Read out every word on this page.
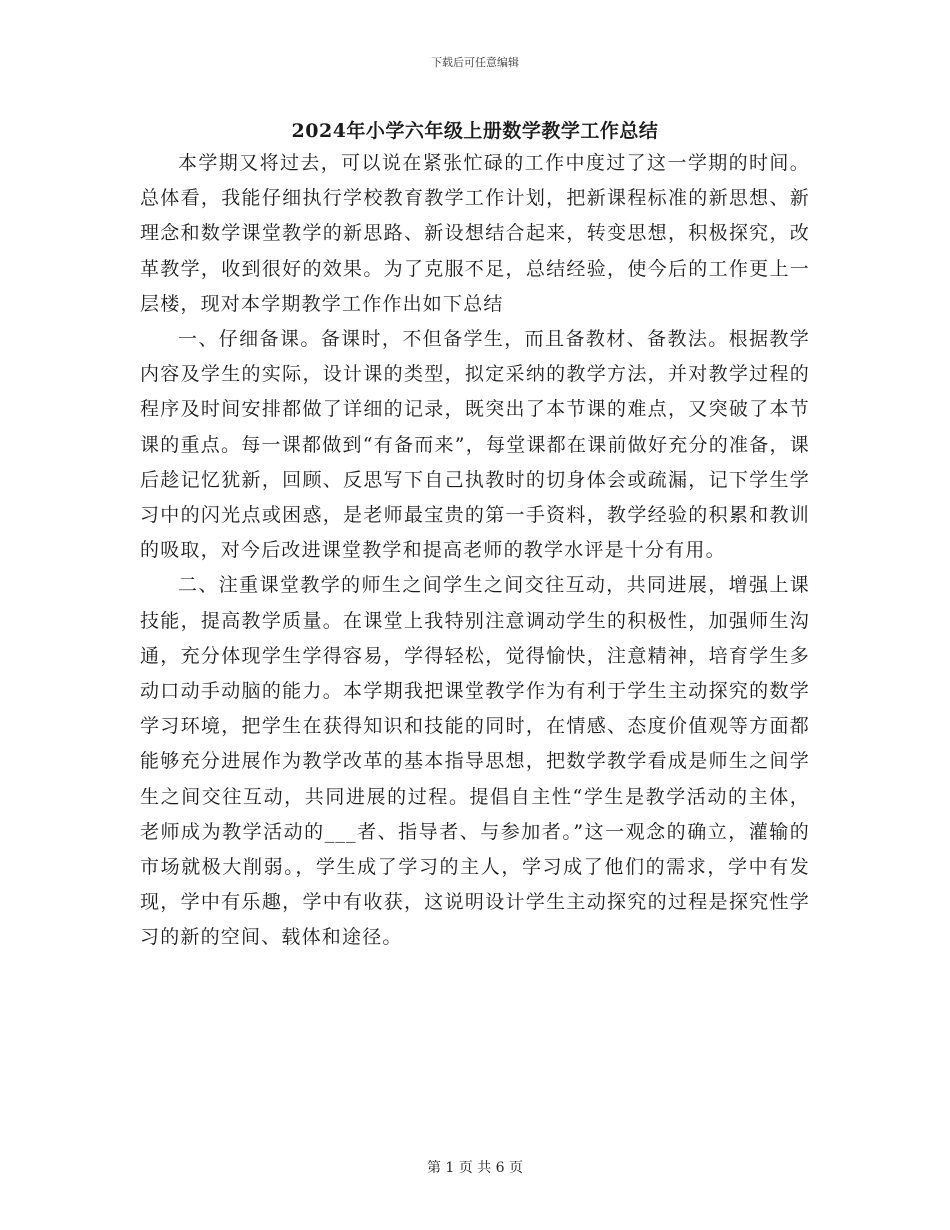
下载后可任意编辑
2024年小学六年级上册数学教学工作总结

本学期又将过去，可以说在紧张忙碌的工作中度过了这一学期的时间。总体看，我能仔细执行学校教育教学工作计划，把新课程标准的新思想、新理念和数学课堂教学的新思路、新设想结合起来，转变思想，积极探究，改革教学，收到很好的效果。为了克服不足，总结经验，使今后的工作更上一层楼，现对本学期教学工作作出如下总结

一、仔细备课。备课时，不但备学生，而且备教材、备教法。根据教学内容及学生的实际，设计课的类型，拟定采纳的教学方法，并对教学过程的程序及时间安排都做了详细的记录，既突出了本节课的难点，又突破了本节课的重点。每一课都做到“有备而来”，每堂课都在课前做好充分的准备，课后趁记忆犹新，回顾、反思写下自己执教时的切身体会或疏漏，记下学生学习中的闪光点或困惑，是老师最宝贵的第一手资料，教学经验的积累和教训的吸取，对今后改进课堂教学和提高老师的教学水评是十分有用。

二、注重课堂教学的师生之间学生之间交往互动，共同进展，增强上课技能，提高教学质量。在课堂上我特别注意调动学生的积极性，加强师生沟通，充分体现学生学得容易，学得轻松，觉得愉快，注意精神，培育学生多动口动手动脑的能力。本学期我把课堂教学作为有利于学生主动探究的数学学习环境，把学生在获得知识和技能的同时，在情感、态度价值观等方面都能够充分进展作为教学改革的基本指导思想，把数学教学看成是师生之间学生之间交往互动，共同进展的过程。提倡自主性“学生是教学活动的主体，老师成为教学活动的___者、指导者、与参加者。”这一观念的确立，灌输的市场就极大削弱。，学生成了学习的主人，学习成了他们的需求，学中有发现，学中有乐趣，学中有收获，这说明设计学生主动探究的过程是探究性学习的新的空间、载体和途径。

第 1 页 共 6 页
